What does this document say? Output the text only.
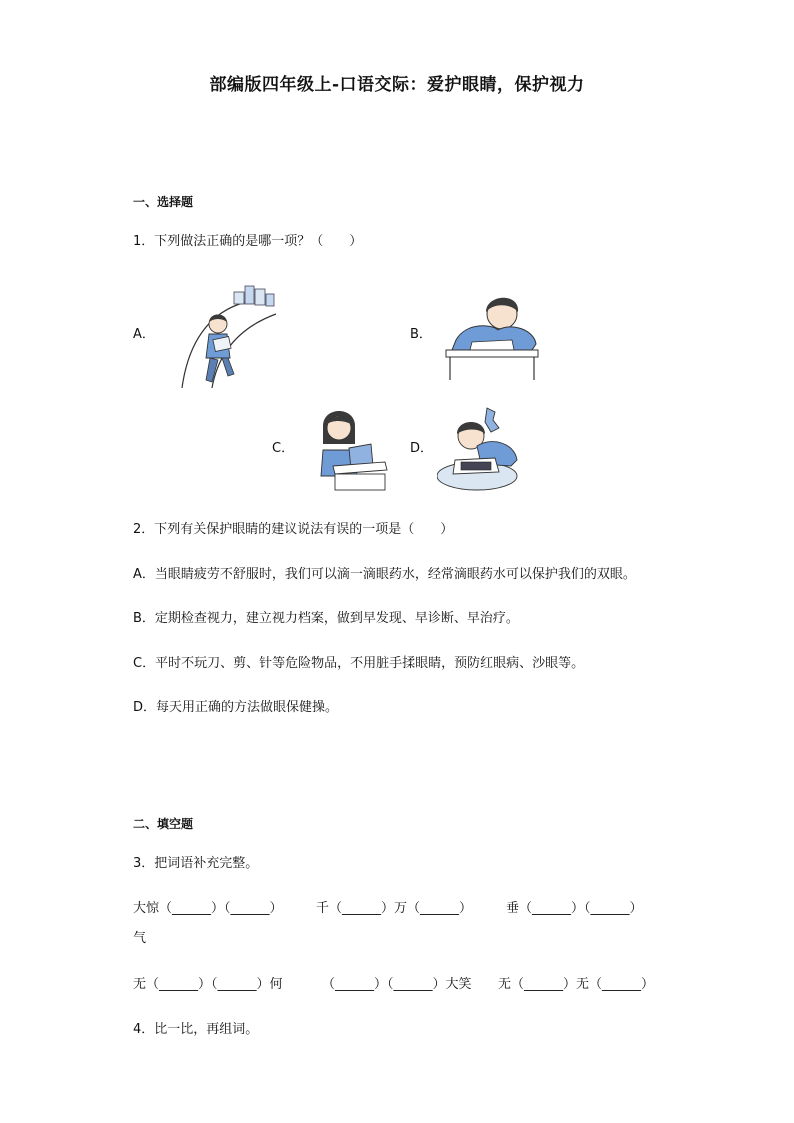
部编版四年级上-口语交际：爱护眼睛，保护视力
一、选择题
1．下列做法正确的是哪一项？（　　）
A．	B．
C．	D．
2．下列有关保护眼睛的建议说法有误的一项是（　　）
A．当眼睛疲劳不舒服时，我们可以滴一滴眼药水，经常滴眼药水可以保护我们的双眼。
B．定期检查视力，建立视力档案，做到早发现、早诊断、早治疗。
C．平时不玩刀、剪、针等危险物品，不用脏手揉眼睛，预防红眼病、沙眼等。
D．每天用正确的方法做眼保健操。
二、填空题
3．把词语补充完整。
大惊（______）（______）	千（______）万（______）	垂（______）（______）
气
无（______）（______）何	（______）（______）大笑 无（______）无（______）
4．比一比，再组词。
